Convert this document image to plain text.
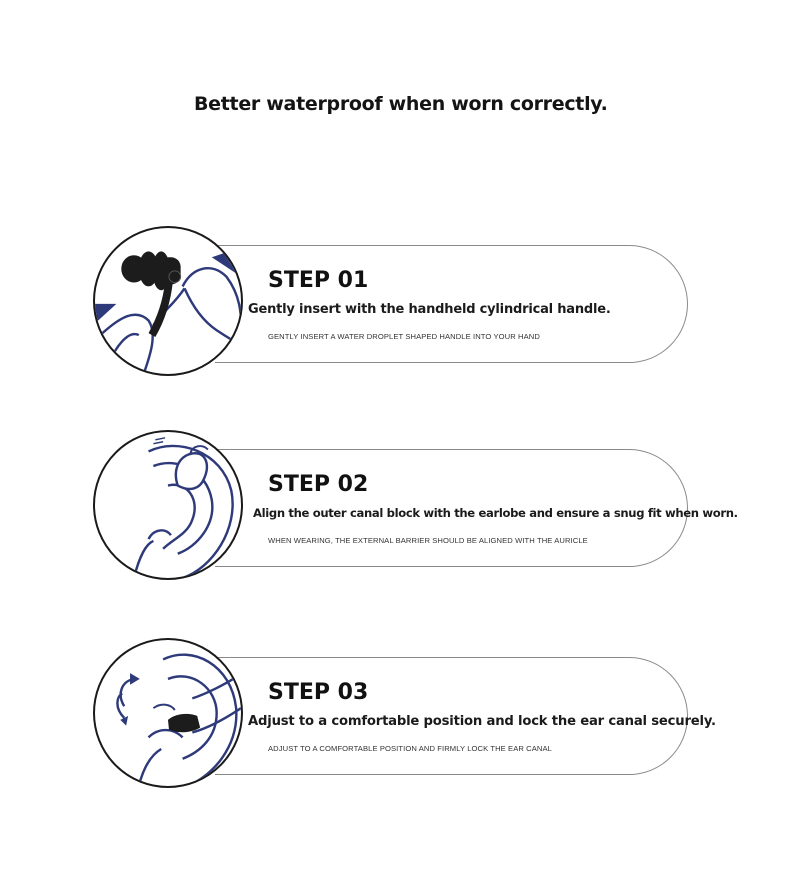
Better waterproof when worn correctly.
STEP 01
Gently insert with the handheld cylindrical handle.
GENTLY INSERT A WATER DROPLET SHAPED HANDLE INTO YOUR HAND
STEP 02
Align the outer canal block with the earlobe and ensure a snug fit when worn.
WHEN WEARING, THE EXTERNAL BARRIER SHOULD BE ALIGNED WITH THE AURICLE
STEP 03
Adjust to a comfortable position and lock the ear canal securely.
ADJUST TO A COMFORTABLE POSITION AND FIRMLY LOCK THE EAR CANAL
